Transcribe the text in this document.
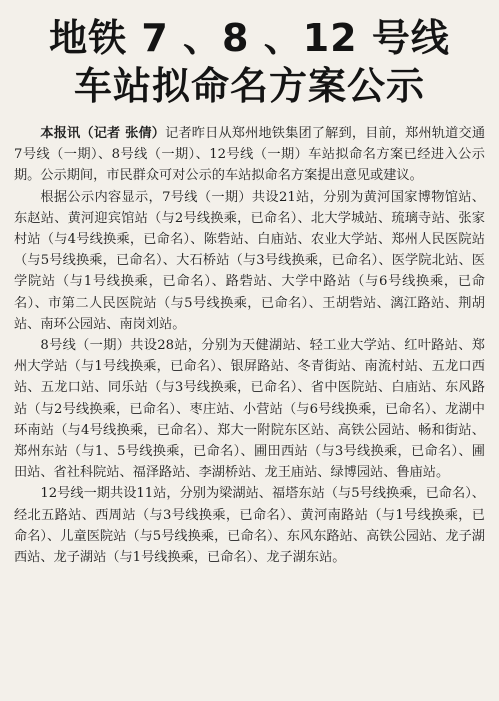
地铁 7 、8 、12 号线
车站拟命名方案公示

本报讯（记者 张倩）记者昨日从郑州地铁集团了解到，目前，郑州轨道交通7号线（一期）、8号线（一期）、12号线（一期）车站拟命名方案已经进入公示期。公示期间，市民群众可对公示的车站拟命名方案提出意见或建议。

根据公示内容显示，7号线（一期）共设21站，分别为黄河国家博物馆站、东赵站、黄河迎宾馆站（与2号线换乘，已命名）、北大学城站、琉璃寺站、张家村站（与4号线换乘，已命名）、陈砦站、白庙站、农业大学站、郑州人民医院站（与5号线换乘，已命名）、大石桥站（与3号线换乘，已命名）、医学院北站、医学院站（与1号线换乘，已命名）、路砦站、大学中路站（与6号线换乘，已命名）、市第二人民医院站（与5号线换乘，已命名）、王胡砦站、漓江路站、荆胡站、南环公园站、南岗刘站。

8号线（一期）共设28站，分别为天健湖站、轻工业大学站、红叶路站、郑州大学站（与1号线换乘，已命名）、银屏路站、冬青街站、南流村站、五龙口西站、五龙口站、同乐站（与3号线换乘，已命名）、省中医院站、白庙站、东风路站（与2号线换乘，已命名）、枣庄站、小营站（与6号线换乘，已命名）、龙湖中环南站（与4号线换乘，已命名）、郑大一附院东区站、高铁公园站、畅和街站、郑州东站（与1、5号线换乘，已命名）、圃田西站（与3号线换乘，已命名）、圃田站、省社科院站、福泽路站、李湖桥站、龙王庙站、绿博园站、鲁庙站。

12号线一期共设11站，分别为梁湖站、福塔东站（与5号线换乘，已命名）、经北五路站、西周站（与3号线换乘，已命名）、黄河南路站（与1号线换乘，已命名）、儿童医院站（与5号线换乘，已命名）、东风东路站、高铁公园站、龙子湖西站、龙子湖站（与1号线换乘，已命名）、龙子湖东站。
